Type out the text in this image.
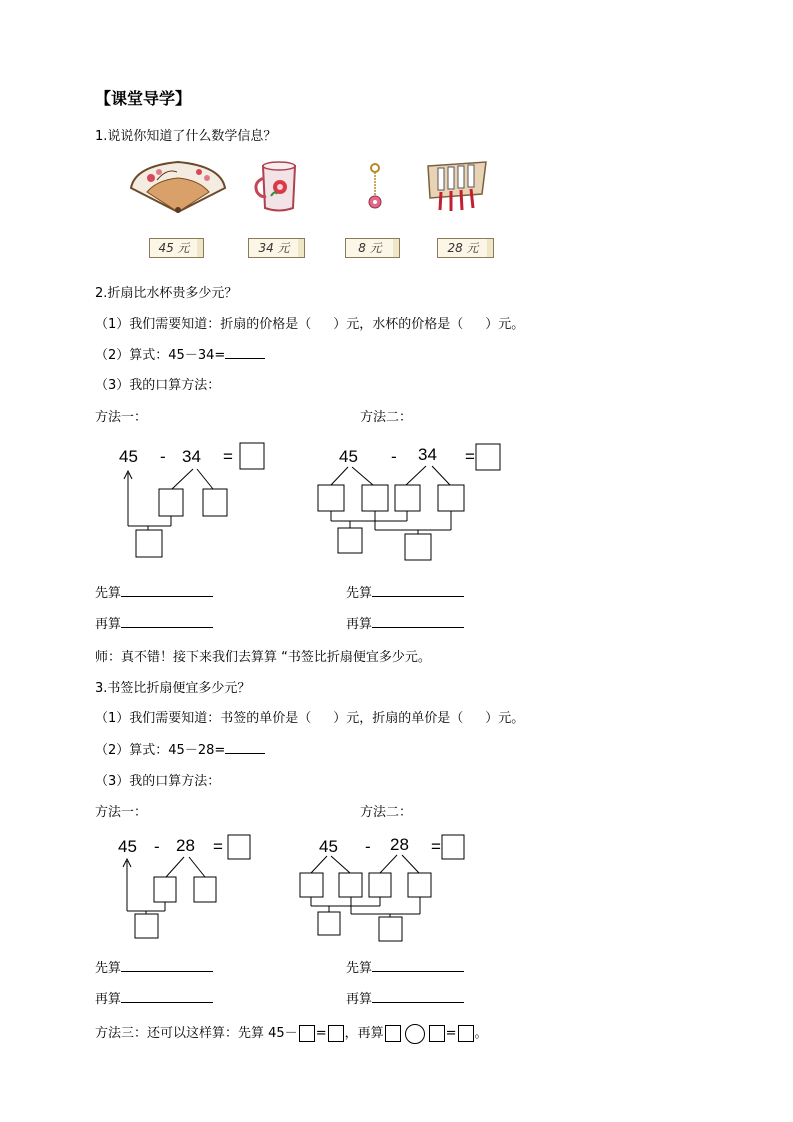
【课堂导学】
1.说说你知道了什么数学信息？
45 元	34 元	8 元	28 元
2.折扇比水杯贵多少元？
（1）我们需要知道：折扇的价格是（ ）元，水杯的价格是（ ）元。
（2）算式：45－34=
（3）我的口算方法：
方法一：	方法二：
45 - 34 =	45 - 34 =
先算	先算
再算	再算
师：真不错！接下来我们去算算 “书签比折扇便宜多少元。
3.书签比折扇便宜多少元？
（1）我们需要知道：书签的单价是（ ）元，折扇的单价是（ ）元。
（2）算式：45－28=
（3）我的口算方法：
方法一：	方法二：
45 - 28 =	45 - 28 =
先算	先算
再算	再算
方法三：还可以这样算：先算 45－ = ，再算	= 。
